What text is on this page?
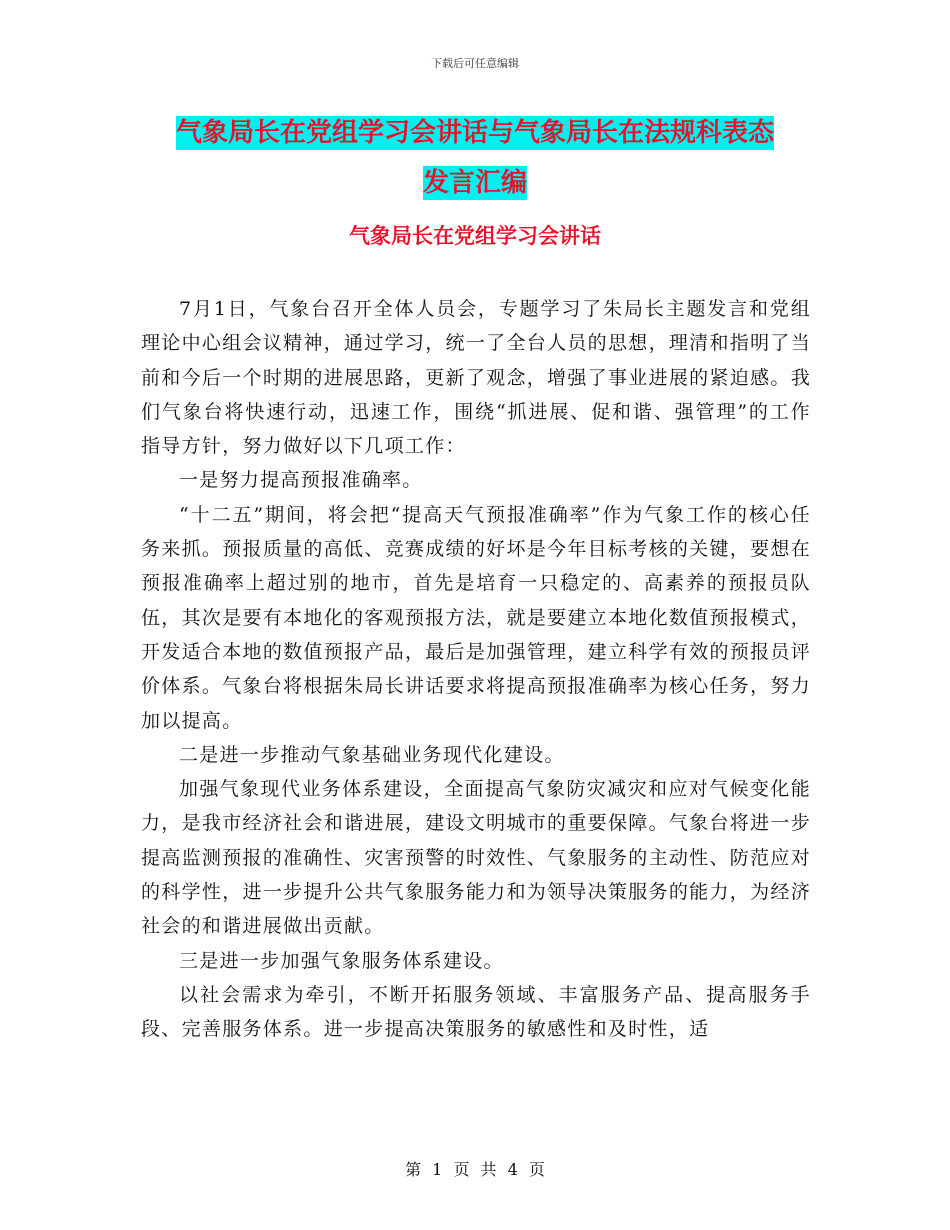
下载后可任意编辑
气象局长在党组学习会讲话与气象局长在法规科表态
发言汇编
气象局长在党组学习会讲话

7月1日，气象台召开全体人员会，专题学习了朱局长主题发言和党组理论中心组会议精神，通过学习，统一了全台人员的思想，理清和指明了当前和今后一个时期的进展思路，更新了观念，增强了事业进展的紧迫感。我们气象台将快速行动，迅速工作，围绕“抓进展、促和谐、强管理”的工作指导方针，努力做好以下几项工作：

一是努力提高预报准确率。

“十二五”期间，将会把“提高天气预报准确率”作为气象工作的核心任务来抓。预报质量的高低、竞赛成绩的好坏是今年目标考核的关键，要想在预报准确率上超过别的地市，首先是培育一只稳定的、高素养的预报员队伍，其次是要有本地化的客观预报方法，就是要建立本地化数值预报模式，开发适合本地的数值预报产品，最后是加强管理，建立科学有效的预报员评价体系。气象台将根据朱局长讲话要求将提高预报准确率为核心任务，努力加以提高。

二是进一步推动气象基础业务现代化建设。

加强气象现代业务体系建设，全面提高气象防灾减灾和应对气候变化能力，是我市经济社会和谐进展，建设文明城市的重要保障。气象台将进一步提高监测预报的准确性、灾害预警的时效性、气象服务的主动性、防范应对的科学性，进一步提升公共气象服务能力和为领导决策服务的能力，为经济社会的和谐进展做出贡献。

三是进一步加强气象服务体系建设。

以社会需求为牵引，不断开拓服务领域、丰富服务产品、提高服务手段、完善服务体系。进一步提高决策服务的敏感性和及时性，适

第 1 页 共 4 页
